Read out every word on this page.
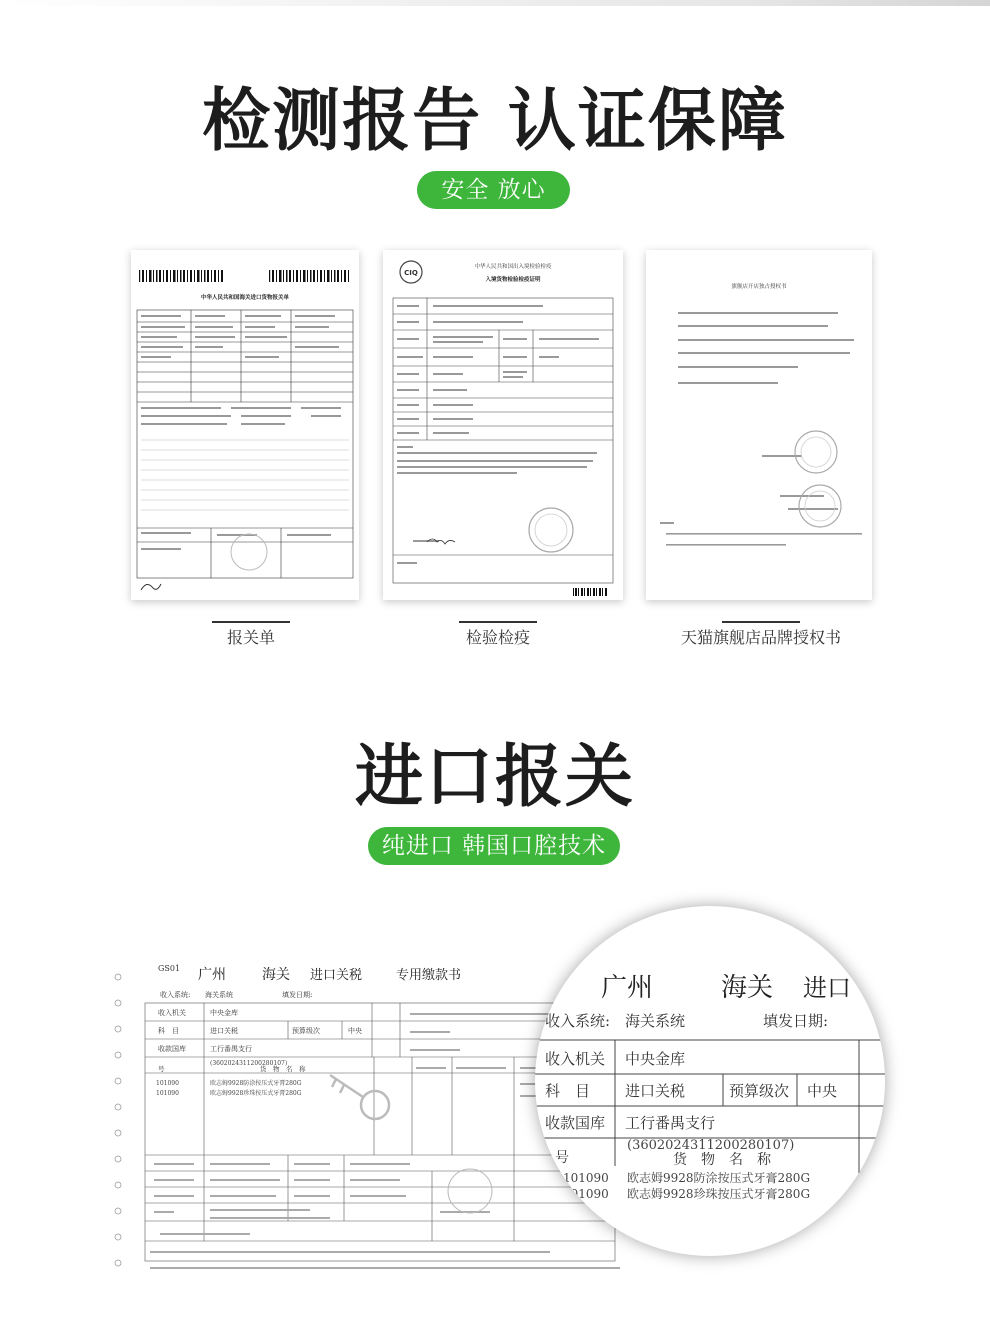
检测报告 认证保障
安全 放心
中华人民共和国海关进口货物报关单
CIQ
中华人民共和国出入境检验检疫
入境货物检验检疫证明
旗舰店开店独占授权书
报关单	检验检疫	天猫旗舰店品牌授权书
进口报关
纯进口 韩国口腔技术
GS01 广州	海关 进口关税	专用缴款书
收入系统: 海关系统	填发日期:
收入机关	中央金库
科　目	进口关税	预算级次	中央
收款国库	工行番禺支行
(3602024311200280107)
货　物　名　称
号
101090	欧志姆9928防涂按压式牙膏280G
101090	欧志姆9928珍珠按压式牙膏280G
广州	海关 进口
收入系统: 海关系统	填发日期:
收入机关 中央金库
科　目 进口关税	预算级次 中央
收款国库 工行番禺支行
(3602024311200280107)
货　物　名　称
号
101090 欧志姆9928防涂按压式牙膏280G
101090 欧志姆9928珍珠按压式牙膏280G
